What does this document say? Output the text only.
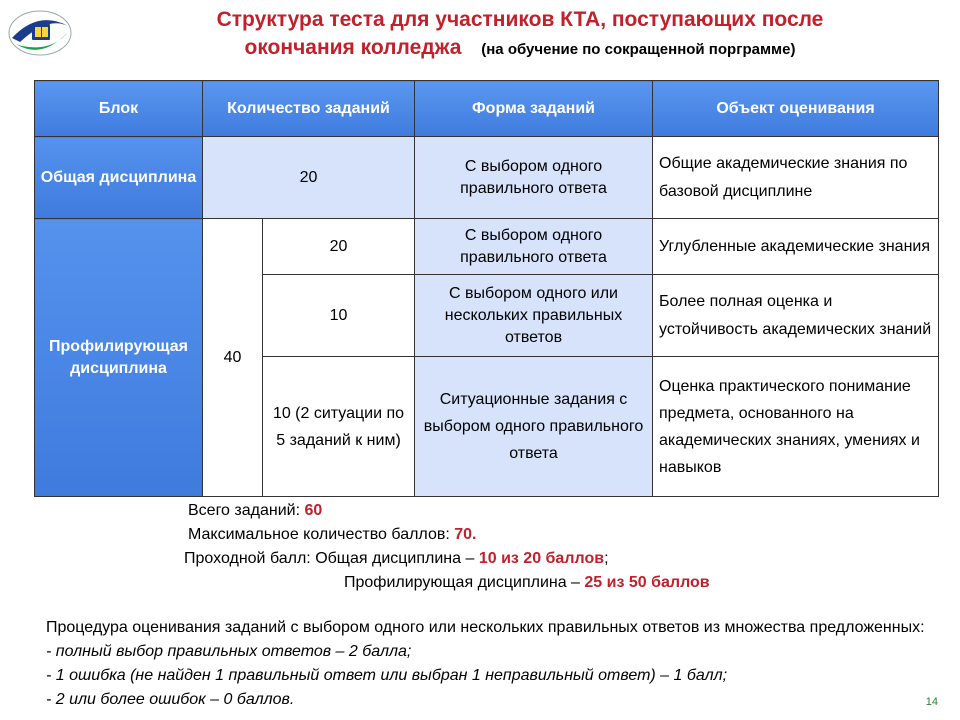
Структура теста для участников КТА, поступающих после
окончания колледжа (на обучение по сокращенной порграмме)
Блок	Количество заданий		Форма заданий	Объект оценивания
Общая дисциплина	20		С выбором одного правильного ответа	Общие академические знания по базовой дисциплине
Профилирующая дисциплина	40	20	С выбором одного правильного ответа	Углубленные академические знания
		10	С выбором одного или нескольких правильных ответов	Более полная оценка и устойчивость академических знаний
		10 (2 ситуации по 5 заданий к ним)	Ситуационные задания с выбором одного правильного ответа	Оценка практического понимание предмета, основанного на академических знаниях, умениях и навыков
Всего заданий: 60
Максимальное количество баллов: 70.
Проходной балл: Общая дисциплина – 10 из 20 баллов;
Профилирующая дисциплина – 25 из 50 баллов
Процедура оценивания заданий с выбором одного или нескольких правильных ответов из множества предложенных: - полный выбор правильных ответов – 2 балла;
- 1 ошибка (не найден 1 правильный ответ или выбран 1 неправильный ответ) – 1 балл;
- 2 или более ошибок – 0 баллов.	14
